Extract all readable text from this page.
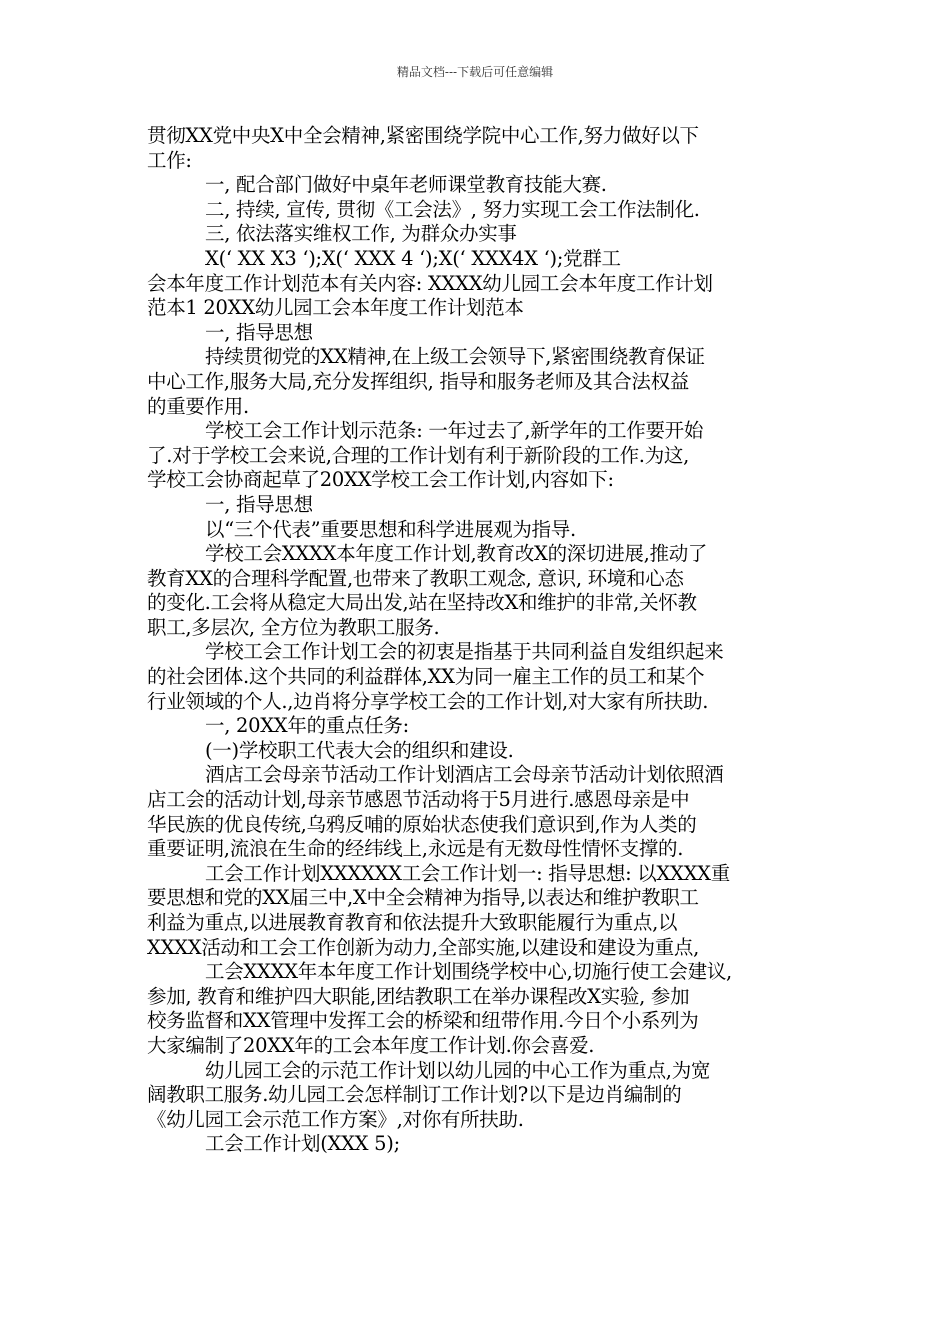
精品文档---下载后可任意编辑
贯彻XX党中央X中全会精神,紧密围绕学院中心工作,努力做好以下
工作:
一, 配合部门做好中桌年老师课堂教育技能大赛.
二, 持续, 宣传, 贯彻《工会法》, 努力实现工会工作法制化.
三, 依法落实维权工作, 为群众办实事
X(‘ XX X3 ‘);X(‘ XXX 4 ‘);X(‘ XXX4X ‘);党群工
会本年度工作计划范本有关内容: XXXX幼儿园工会本年度工作计划
范本1 20XX幼儿园工会本年度工作计划范本
一, 指导思想
持续贯彻党的XX精神,在上级工会领导下,紧密围绕教育保证
中心工作,服务大局,充分发挥组织, 指导和服务老师及其合法权益
的重要作用.
学校工会工作计划示范条: 一年过去了,新学年的工作要开始
了.对于学校工会来说,合理的工作计划有利于新阶段的工作.为这,
学校工会协商起草了20XX学校工会工作计划,内容如下:
一, 指导思想
以“三个代表”重要思想和科学进展观为指导.
学校工会XXXX本年度工作计划,教育改X的深切进展,推动了
教育XX的合理科学配置,也带来了教职工观念, 意识, 环境和心态
的变化.工会将从稳定大局出发,站在坚持改X和维护的非常,关怀教
职工,多层次, 全方位为教职工服务.
学校工会工作计划工会的初衷是指基于共同利益自发组织起来
的社会团体.这个共同的利益群体,XX为同一雇主工作的员工和某个
行业领域的个人.,边肖将分享学校工会的工作计划,对大家有所扶助.
一, 20XX年的重点任务:
(一)学校职工代表大会的组织和建设.
酒店工会母亲节活动工作计划酒店工会母亲节活动计划依照酒
店工会的活动计划,母亲节感恩节活动将于5月进行.感恩母亲是中
华民族的优良传统,乌鸦反哺的原始状态使我们意识到,作为人类的
重要证明,流浪在生命的经纬线上,永远是有无数母性情怀支撑的.
工会工作计划XXXXXX工会工作计划一: 指导思想: 以XXXX重
要思想和党的XX届三中,X中全会精神为指导,以表达和维护教职工
利益为重点,以进展教育教育和依法提升大致职能履行为重点,以
XXXX活动和工会工作创新为动力,全部实施,以建设和建设为重点,
工会XXXX年本年度工作计划围绕学校中心,切施行使工会建议,
参加, 教育和维护四大职能,团结教职工在举办课程改X实验, 参加
校务监督和XX管理中发挥工会的桥梁和纽带作用.今日个小系列为
大家编制了20XX年的工会本年度工作计划.你会喜爱.
幼儿园工会的示范工作计划以幼儿园的中心工作为重点,为宽
阔教职工服务.幼儿园工会怎样制订工作计划?以下是边肖编制的
《幼儿园工会示范工作方案》,对你有所扶助.
工会工作计划(XXX 5);
